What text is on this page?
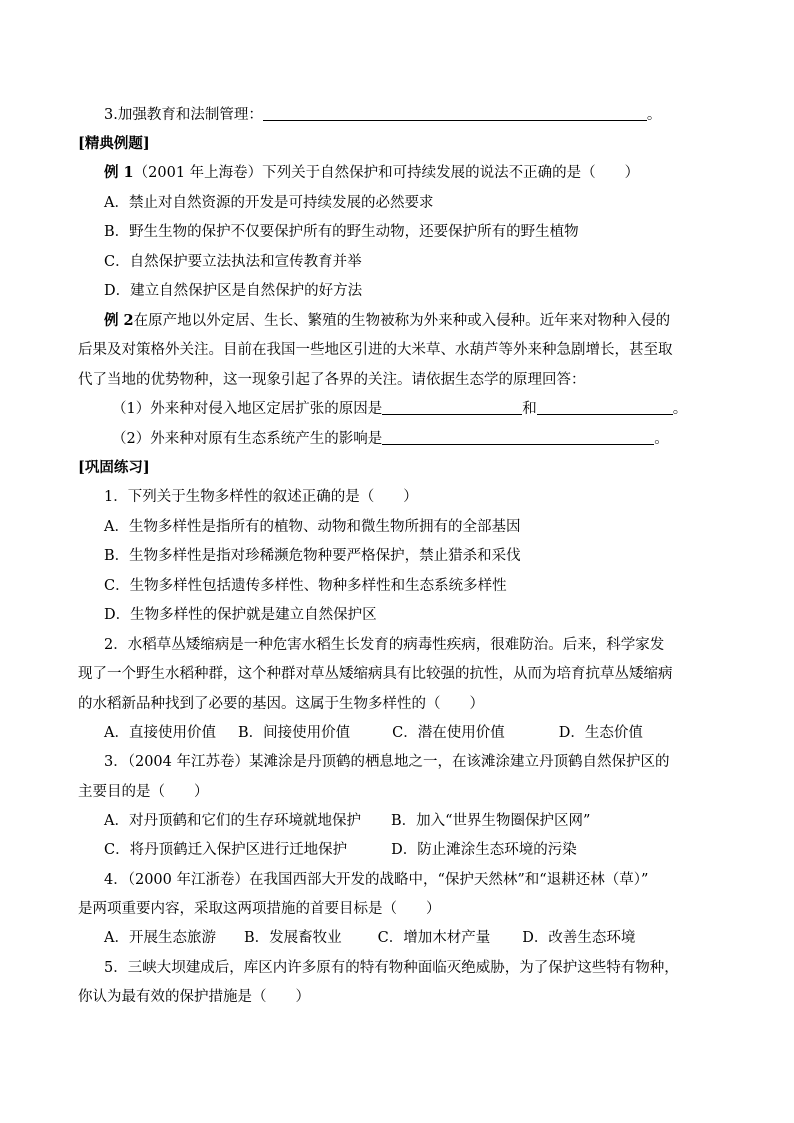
3.加强教育和法制管理：	。
[精典例题]
例 1（2001 年上海卷）下列关于自然保护和可持续发展的说法不正确的是（　　）
A．禁止对自然资源的开发是可持续发展的必然要求
B．野生生物的保护不仅要保护所有的野生动物，还要保护所有的野生植物
C．自然保护要立法执法和宣传教育并举
D．建立自然保护区是自然保护的好方法
例 2在原产地以外定居、生长、繁殖的生物被称为外来种或入侵种。近年来对物种入侵的
后果及对策格外关注。目前在我国一些地区引进的大米草、水葫芦等外来种急剧增长，甚至取
代了当地的优势物种，这一现象引起了各界的关注。请依据生态学的原理回答：
（1）外来种对侵入地区定居扩张的原因是	和	。
（2）外来种对原有生态系统产生的影响是	。
[巩固练习]
1．下列关于生物多样性的叙述正确的是（　　）
A．生物多样性是指所有的植物、动物和微生物所拥有的全部基因
B．生物多样性是指对珍稀濒危物种要严格保护，禁止猎杀和采伐
C．生物多样性包括遗传多样性、物种多样性和生态系统多样性
D．生物多样性的保护就是建立自然保护区
2．水稻草丛矮缩病是一种危害水稻生长发育的病毒性疾病，很难防治。后来，科学家发
现了一个野生水稻种群，这个种群对草丛矮缩病具有比较强的抗性，从而为培育抗草丛矮缩病
的水稻新品种找到了必要的基因。这属于生物多样性的（　　）
A．直接使用价值 B．间接使用价值	C．潜在使用价值	D．生态价值
3．（2004 年江苏卷）某滩涂是丹顶鹤的栖息地之一，在该滩涂建立丹顶鹤自然保护区的
主要目的是（　　）
A．对丹顶鹤和它们的生存环境就地保护 B．加入“世界生物圈保护区网”
C．将丹顶鹤迁入保护区进行迁地保护	D．防止滩涂生态环境的污染
4．（2000 年江浙卷）在我国西部大开发的战略中，“保护天然林”和“退耕还林（草）”
是两项重要内容，采取这两项措施的首要目标是（　　）
A．开展生态旅游 B．发展畜牧业 C．增加木材产量 D．改善生态环境
5．三峡大坝建成后，库区内许多原有的特有物种面临灭绝威胁，为了保护这些特有物种，
你认为最有效的保护措施是（　　）
